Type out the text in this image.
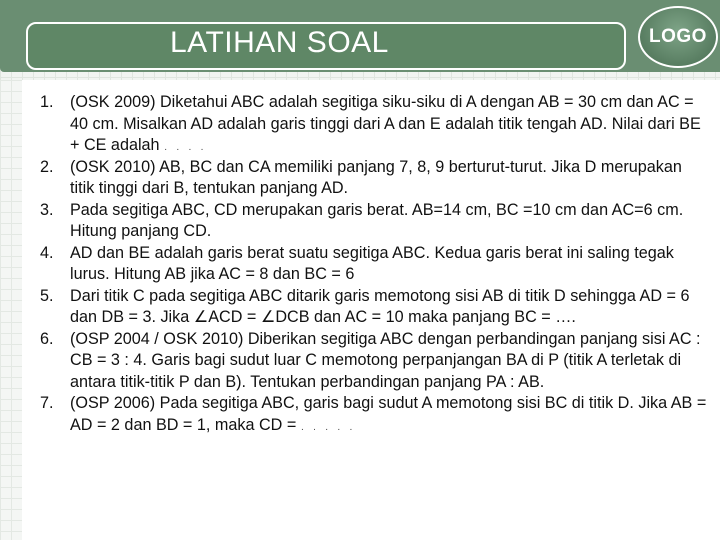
LATIHAN SOAL	LOGO
1.	(OSK 2009) Diketahui ABC adalah segitiga siku-siku di A dengan AB = 30 cm dan AC = 40 cm. Misalkan AD adalah garis tinggi dari A dan E adalah titik tengah AD. Nilai dari BE + CE adalah · · · ·
2.	(OSK 2010) AB, BC dan CA memiliki panjang 7, 8, 9 berturut-turut. Jika D merupakan titik tinggi dari B, tentukan panjang AD.
3.	Pada segitiga ABC, CD merupakan garis berat. AB=14 cm, BC =10 cm dan AC=6 cm. Hitung panjang CD.
4.	AD dan BE adalah garis berat suatu segitiga ABC. Kedua garis berat ini saling tegak lurus. Hitung AB jika AC = 8 dan BC = 6
5.	Dari titik C pada segitiga ABC ditarik garis memotong sisi AB di titik D sehingga AD = 6 dan DB = 3. Jika ∠ACD = ∠DCB dan AC = 10 maka panjang BC = ….
6.	(OSP 2004 / OSK 2010) Diberikan segitiga ABC dengan perbandingan panjang sisi AC : CB = 3 : 4. Garis bagi sudut luar C memotong perpanjangan BA di P (titik A terletak di antara titik-titik P dan B). Tentukan perbandingan panjang PA : AB.
7.	(OSP 2006) Pada segitiga ABC, garis bagi sudut A memotong sisi BC di titik D. Jika AB = AD = 2 dan BD = 1, maka CD = · · · · ·
